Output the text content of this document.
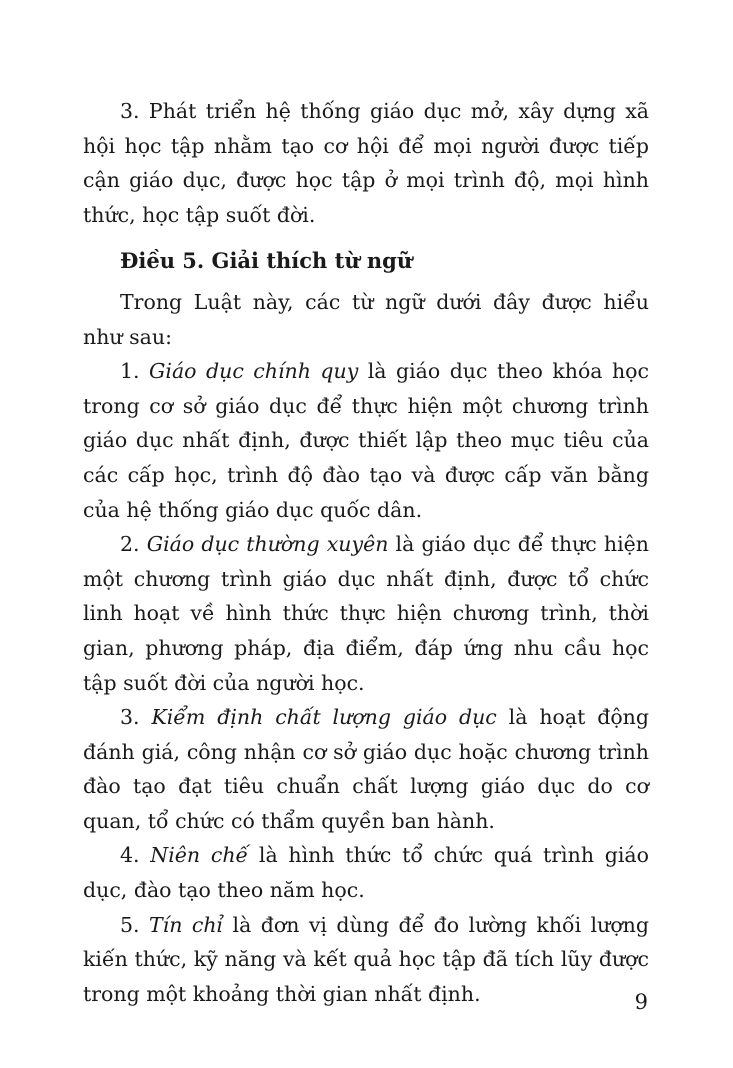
3. Phát triển hệ thống giáo dục mở, xây dựng xã hội học tập nhằm tạo cơ hội để mọi người được tiếp cận giáo dục, được học tập ở mọi trình độ, mọi hình thức, học tập suốt đời.

Điều 5. Giải thích từ ngữ

Trong Luật này, các từ ngữ dưới đây được hiểu như sau:

1. Giáo dục chính quy là giáo dục theo khóa học trong cơ sở giáo dục để thực hiện một chương trình giáo dục nhất định, được thiết lập theo mục tiêu của các cấp học, trình độ đào tạo và được cấp văn bằng của hệ thống giáo dục quốc dân.

2. Giáo dục thường xuyên là giáo dục để thực hiện một chương trình giáo dục nhất định, được tổ chức linh hoạt về hình thức thực hiện chương trình, thời gian, phương pháp, địa điểm, đáp ứng nhu cầu học tập suốt đời của người học.

3. Kiểm định chất lượng giáo dục là hoạt động đánh giá, công nhận cơ sở giáo dục hoặc chương trình đào tạo đạt tiêu chuẩn chất lượng giáo dục do cơ quan, tổ chức có thẩm quyền ban hành.

4. Niên chế là hình thức tổ chức quá trình giáo dục, đào tạo theo năm học.

5. Tín chỉ là đơn vị dùng để đo lường khối lượng kiến thức, kỹ năng và kết quả học tập đã tích lũy được trong một khoảng thời gian nhất định.	9
